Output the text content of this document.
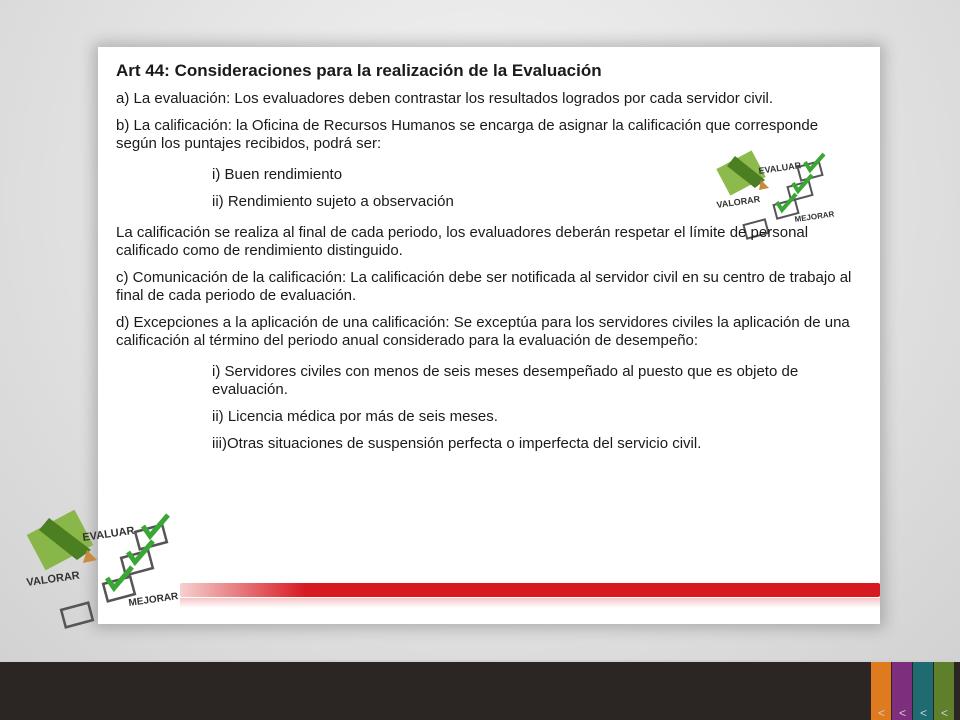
EVALUAR
VALORAR
MEJORAR
EVALUAR
VALORAR
MEJORAR

Art 44: Consideraciones para la realización de la Evaluación

a) La evaluación: Los evaluadores deben contrastar los resultados logrados por cada servidor civil.

b) La calificación: la Oficina de Recursos Humanos se encarga de asignar la calificación que corresponde según los puntajes recibidos, podrá ser:

i) Buen rendimiento

ii) Rendimiento sujeto a observación

La calificación se realiza al final de cada periodo, los evaluadores deberán respetar el límite de personal calificado como de rendimiento distinguido.

c) Comunicación de la calificación: La calificación debe ser notificada al servidor civil en su centro de trabajo al final de cada periodo de evaluación.

d) Excepciones a la aplicación de una calificación: Se exceptúa para los servidores civiles la aplicación de una calificación al término del periodo anual considerado para la evaluación de desempeño:

i) Servidores civiles con menos de seis meses desempeñado al puesto que es objeto de evaluación.

ii) Licencia médica por más de seis meses.

iii)Otras situaciones de suspensión perfecta o imperfecta del servicio civil.

< < < <
